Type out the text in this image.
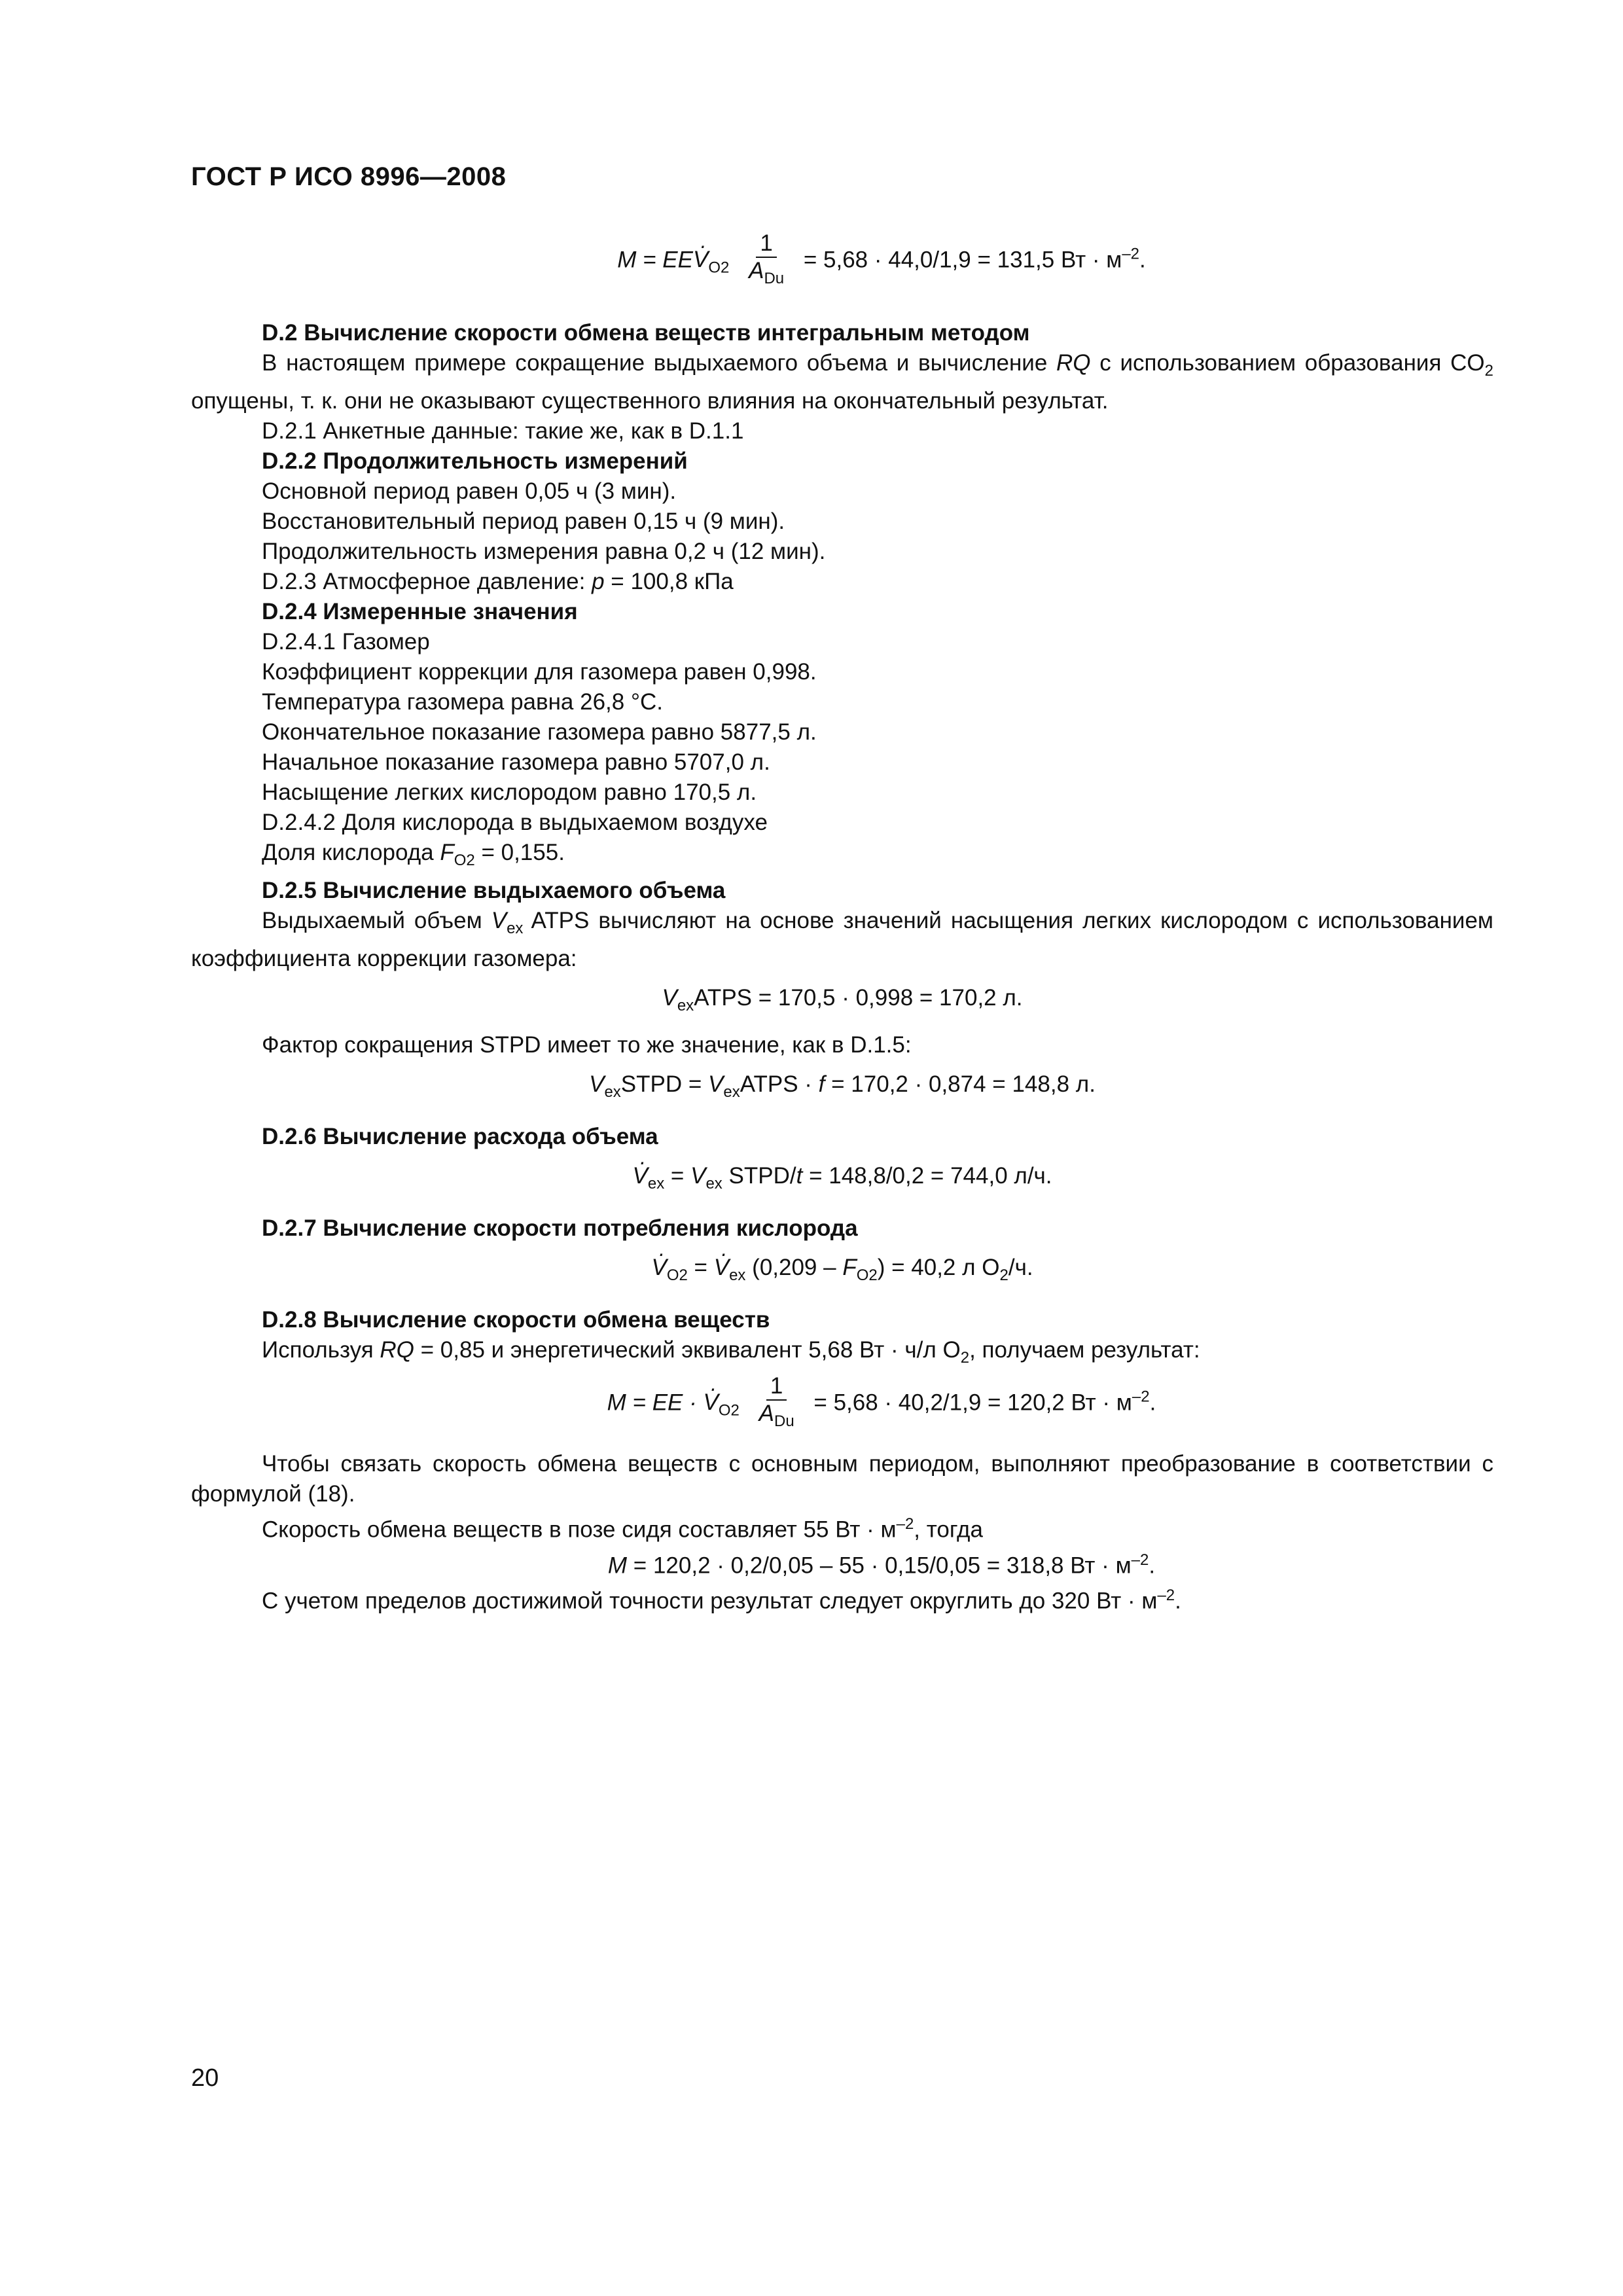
ГОСТ Р ИСО 8996—2008

$M = EE\cdot V_{O2} \frac{1}{A_{Du}} = 5,68 \cdot 44,0/1,9 = 131,5$ Вт · $м^{-2}$.

D.2 Вычисление скорости обмена веществ интегральным методом

В настоящем примере сокращение выдыхаемого объема и вычисление RQ с использованием образования $CO_2$ опущены, т. к. они не оказывают существенного влияния на окончательный результат.

D.2.1 Анкетные данные: такие же, как в D.1.1

D.2.2 Продолжительность измерений

Основной период равен 0,05 ч (3 мин).

Восстановительный период равен 0,15 ч (9 мин).

Продолжительность измерения равна 0,2 ч (12 мин).

D.2.3 Атмосферное давление: p = 100,8 кПа

D.2.4 Измеренные значения

D.2.4.1 Газомер

Коэффициент коррекции для газомера равен 0,998.

Температура газомера равна 26,8 °С.

Окончательное показание газомера равно 5877,5 л.

Начальное показание газомера равно 5707,0 л.

Насыщение легких кислородом равно 170,5 л.

D.2.4.2 Доля кислорода в выдыхаемом воздухе

Доля кислорода $F_{O2} = 0,155$.

D.2.5 Вычисление выдыхаемого объема

Выдыхаемый объем $V_{ex}$ ATPS вычисляют на основе значений насыщения легких кислородом с использованием коэффициента коррекции газомера:

$V_{ex}ATPS = 170,5 \cdot 0,998 = 170,2$ л.

Фактор сокращения STPD имеет то же значение, как в D.1.5:

$V_{ex}STPD$ = $V_{ex}ATPS \cdot f = 170,2 \cdot 0,874 = 148,8$ л.

D.2.6 Вычисление расхода объема

· $V_{ex} = V_{ex}$ STPD/t = 148,8/0,2 = 744,0 л/ч.

D.2.7 Вычисление скорости потребления кислорода

· $V_{O2}$ = · $V_{ex}$ $(0,209 - F_{O2}) = 40,2$ л $O_2/ч$.

D.2.8 Вычисление скорости обмена веществ

Используя RQ = 0,85 и энергетический эквивалент 5,68 Вт · ч/л $O_2$, получаем результат:

M = EE · · $V_{O2} \frac{1}{A_{Du}} = 5,68 \cdot 40,2/1,9 = 120,2$ Вт · $м^{-2}$.

Чтобы связать скорость обмена веществ с основным периодом, выполняют преобразование в соответствии с формулой (18).

Скорость обмена веществ в позе сидя составляет 55 Вт · $м^{-2}$, тогда

M = 120,2 · 0,2/0,05 – 55 · 0,15/0,05 = 318,8 Вт · $м^{-2}$.

С учетом пределов достижимой точности результат следует округлить до 320 Вт · $м^{-2}$.

20
